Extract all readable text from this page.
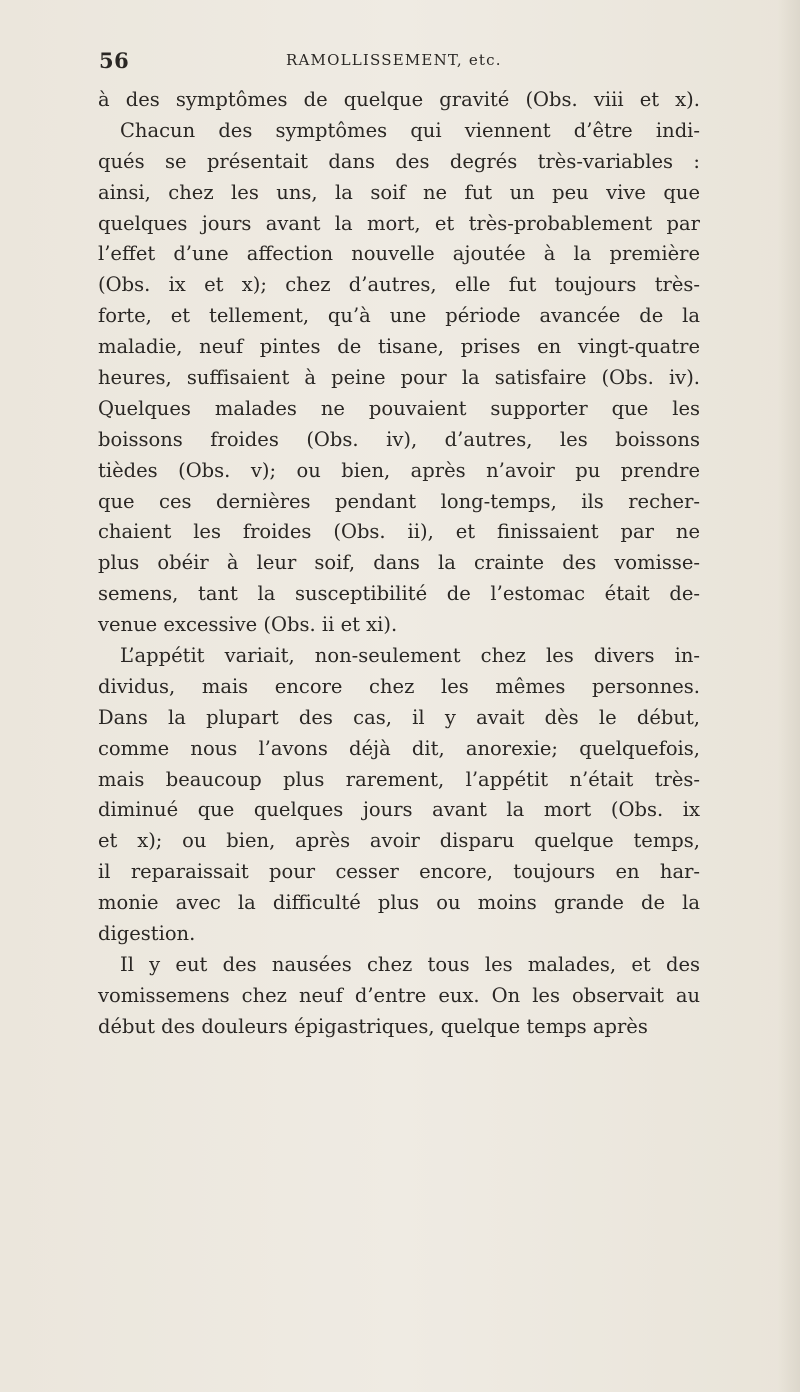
56	RAMOLLISSEMENT, etc.
à des symptômes de quelque gravité (Obs. viii et x).
Chacun des symptômes qui viennent d’être indi-
qués se présentait dans des degrés très-variables :
ainsi, chez les uns, la soif ne fut un peu vive que
quelques jours avant la mort, et très-probablement par
l’effet d’une affection nouvelle ajoutée à la première
(Obs. ix et x); chez d’autres, elle fut toujours très-
forte, et tellement, qu’à une période avancée de la
maladie, neuf pintes de tisane, prises en vingt-quatre
heures, suffisaient à peine pour la satisfaire (Obs. iv).
Quelques malades ne pouvaient supporter que les
boissons froides (Obs. iv), d’autres, les boissons
tièdes (Obs. v); ou bien, après n’avoir pu prendre
que ces dernières pendant long-temps, ils recher-
chaient les froides (Obs. ii), et finissaient par ne
plus obéir à leur soif, dans la crainte des vomisse-
semens, tant la susceptibilité de l’estomac était de-
venue excessive (Obs. ii et xi).
L’appétit variait, non-seulement chez les divers in-
dividus, mais encore chez les mêmes personnes.
Dans la plupart des cas, il y avait dès le début,
comme nous l’avons déjà dit, anorexie; quelquefois,
mais beaucoup plus rarement, l’appétit n’était très-
diminué que quelques jours avant la mort (Obs. ix
et x); ou bien, après avoir disparu quelque temps,
il reparaissait pour cesser encore, toujours en har-
monie avec la difficulté plus ou moins grande de la
digestion.
Il y eut des nausées chez tous les malades, et des
vomissemens chez neuf d’entre eux. On les observait au
début des douleurs épigastriques, quelque temps après
